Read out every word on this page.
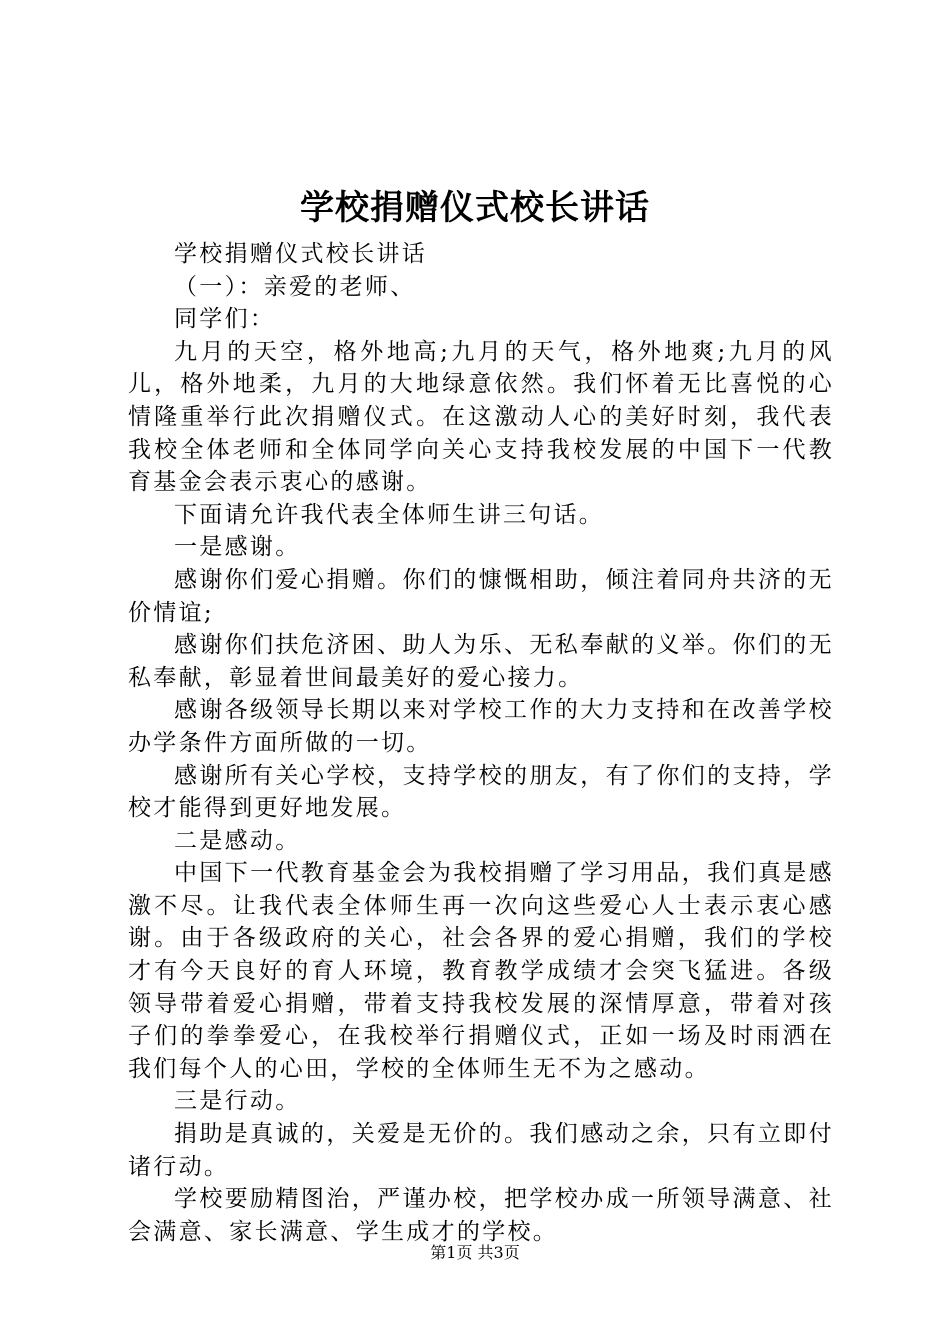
学校捐赠仪式校长讲话

学校捐赠仪式校长讲话

（一）：亲爱的老师、

同学们：

九月的天空，格外地高;九月的天气，格外地爽;九月的风儿，格外地柔，九月的大地绿意依然。我们怀着无比喜悦的心情隆重举行此次捐赠仪式。在这激动人心的美好时刻，我代表我校全体老师和全体同学向关心支持我校发展的中国下一代教育基金会表示衷心的感谢。

下面请允许我代表全体师生讲三句话。

一是感谢。

感谢你们爱心捐赠。你们的慷慨相助，倾注着同舟共济的无价情谊;

感谢你们扶危济困、助人为乐、无私奉献的义举。你们的无私奉献，彰显着世间最美好的爱心接力。

感谢各级领导长期以来对学校工作的大力支持和在改善学校办学条件方面所做的一切。

感谢所有关心学校，支持学校的朋友，有了你们的支持，学校才能得到更好地发展。

二是感动。

中国下一代教育基金会为我校捐赠了学习用品，我们真是感激不尽。让我代表全体师生再一次向这些爱心人士表示衷心感谢。由于各级政府的关心，社会各界的爱心捐赠，我们的学校才有今天良好的育人环境，教育教学成绩才会突飞猛进。各级领导带着爱心捐赠，带着支持我校发展的深情厚意，带着对孩子们的拳拳爱心，在我校举行捐赠仪式，正如一场及时雨洒在我们每个人的心田，学校的全体师生无不为之感动。

三是行动。

捐助是真诚的，关爱是无价的。我们感动之余，只有立即付诸行动。

学校要励精图治，严谨办校，把学校办成一所领导满意、社会满意、家长满意、学生成才的学校。

第1页 共3页
